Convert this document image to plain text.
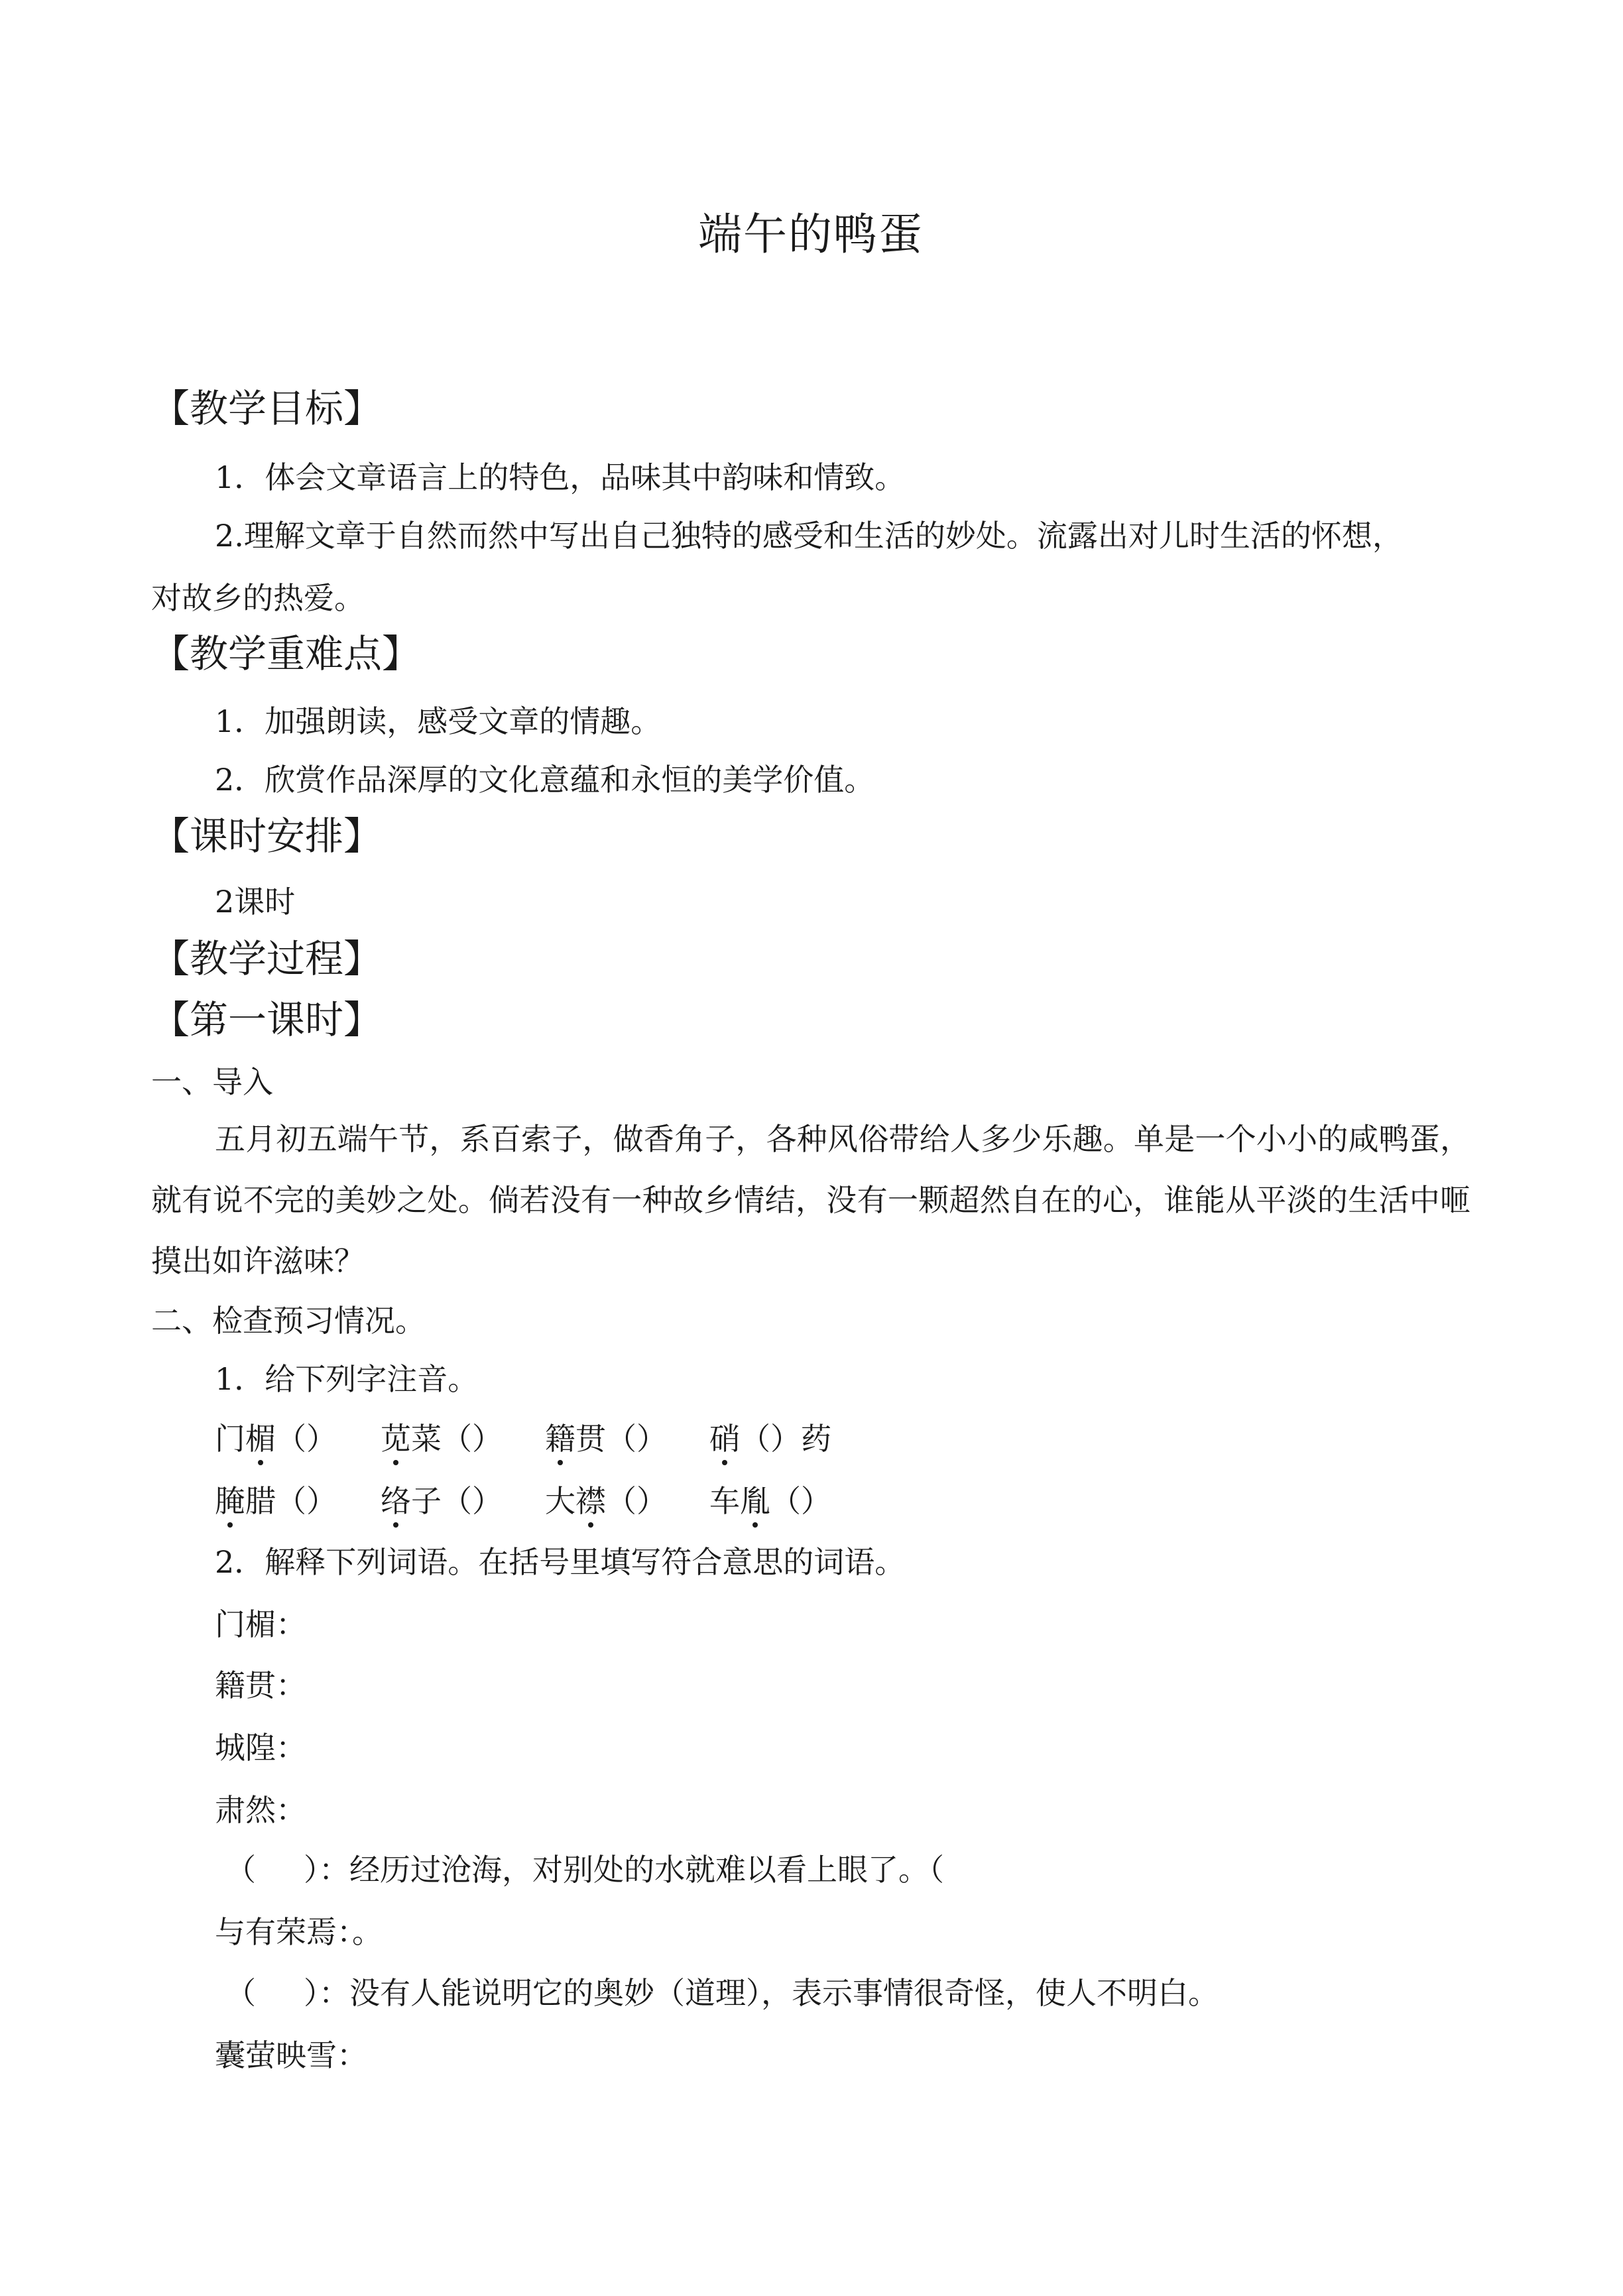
端午的鸭蛋
【教学目标】
1．体会文章语言上的特色，品味其中韵味和情致。
2.理解文章于自然而然中写出自己独特的感受和生活的妙处。流露出对儿时生活的怀想，
对故乡的热爱。
【教学重难点】
1．加强朗读，感受文章的情趣。
2．欣赏作品深厚的文化意蕴和永恒的美学价值。
【课时安排】
2课时
【教学过程】
【第一课时】
一、导入
五月初五端午节，系百索子，做香角子，各种风俗带给人多少乐趣。单是一个小小的咸鸭蛋，就有说不完的美妙之处。倘若没有一种故乡情结，没有一颗超然自在的心，谁能从平淡的生活中咂摸出如许滋味？
二、检查预习情况。
1．给下列字注音。
门楣（） 苋菜（） 籍贯（） 硝（）药
腌腊（） 络子（） 大襟（） 车胤（）
2．解释下列词语。在括号里填写符合意思的词语。
门楣：
籍贯：
城隍：
肃然：
（ ）：经历过沧海，对别处的水就难以看上眼了。（
与有荣焉：。
（ ）：没有人能说明它的奥妙（道理），表示事情很奇怪，使人不明白。
囊萤映雪：
